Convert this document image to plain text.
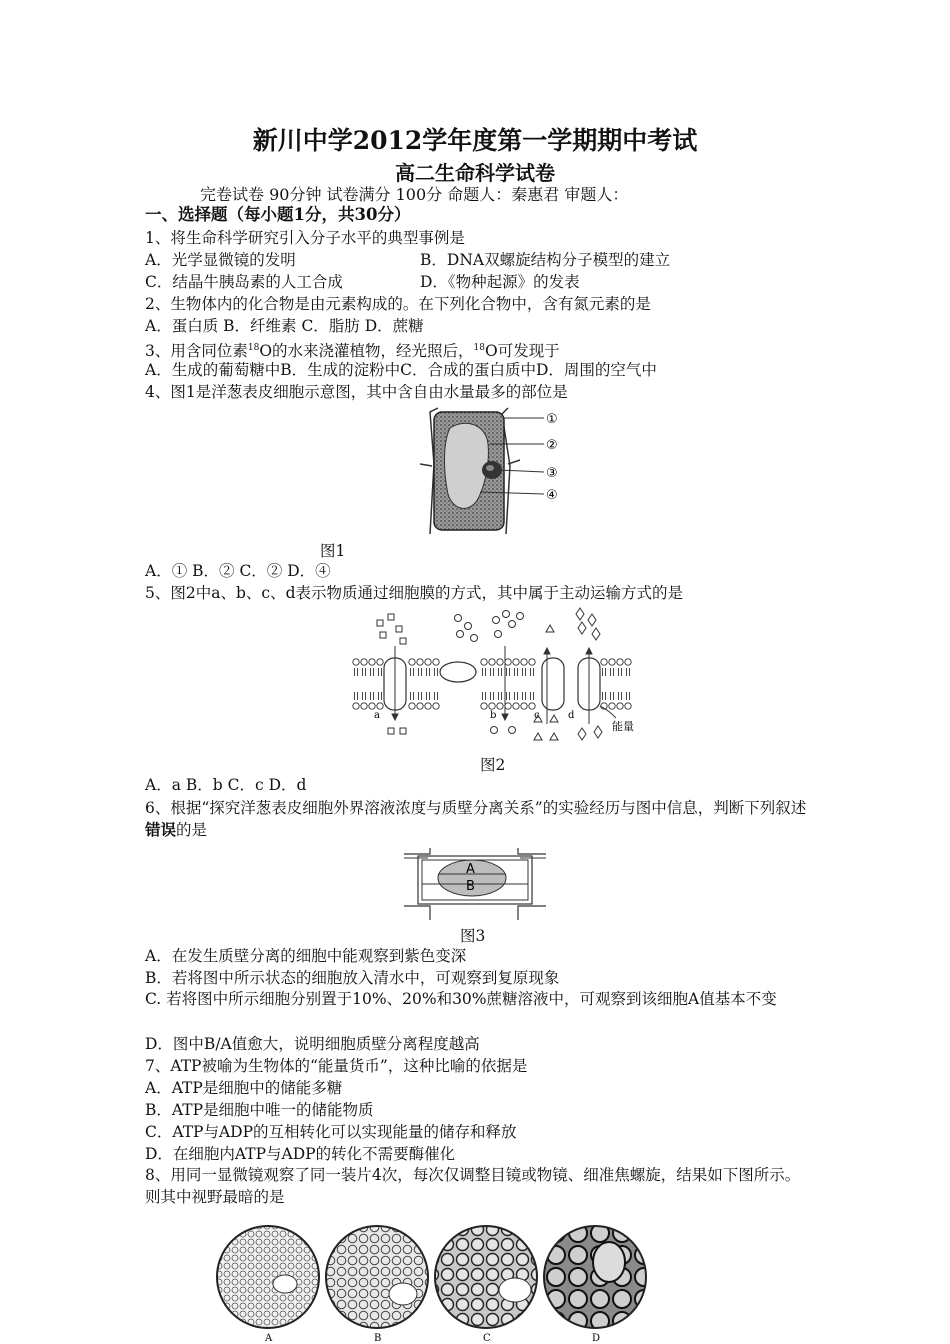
新川中学2012学年度第一学期期中考试
高二生命科学试卷
完卷试卷 90分钟 试卷满分 100分 命题人：秦惠君 审题人：
一、选择题（每小题1分，共30分）
1、将生命科学研究引入分子水平的典型事例是
A．光学显微镜的发明	B．DNA双螺旋结构分子模型的建立
C．结晶牛胰岛素的人工合成	D．《物种起源》的发表
2、生物体内的化合物是由元素构成的。在下列化合物中，含有氮元素的是
A．蛋白质 B．纤维素 C．脂肪 D．蔗糖
3、用含同位素$^{18}$O的水来浇灌植物，经光照后，$^{18}$O可发现于
A．生成的葡萄糖中B．生成的淀粉中C．合成的蛋白质中D．周围的空气中
4、图1是洋葱表皮细胞示意图，其中含自由水量最多的部位是
①
②
③
④
图1
A．① B．② C．② D．④
5、图2中a、b、c、d表示物质通过细胞膜的方式，其中属于主动运输方式的是
a	b	c	d
能量
图2
A．a B．b C．c D．d
6、根据“探究洋葱表皮细胞外界溶液浓度与质壁分离关系”的实验经历与图中信息，判断下列叙述错误的是
A
B
图3
A．在发生质壁分离的细胞中能观察到紫色变深
B．若将图中所示状态的细胞放入清水中，可观察到复原现象
C. 若将图中所示细胞分别置于10%、20%和30%蔗糖溶液中，可观察到该细胞A值基本不变
D．图中B/A值愈大，说明细胞质壁分离程度越高
7、ATP被喻为生物体的“能量货币”，这种比喻的依据是
A．ATP是细胞中的储能多糖
B．ATP是细胞中唯一的储能物质
C．ATP与ADP的互相转化可以实现能量的储存和释放
D．在细胞内ATP与ADP的转化不需要酶催化
8、用同一显微镜观察了同一装片4次，每次仅调整目镜或物镜、细准焦螺旋，结果如下图所示。则其中视野最暗的是
A	B	C	D
